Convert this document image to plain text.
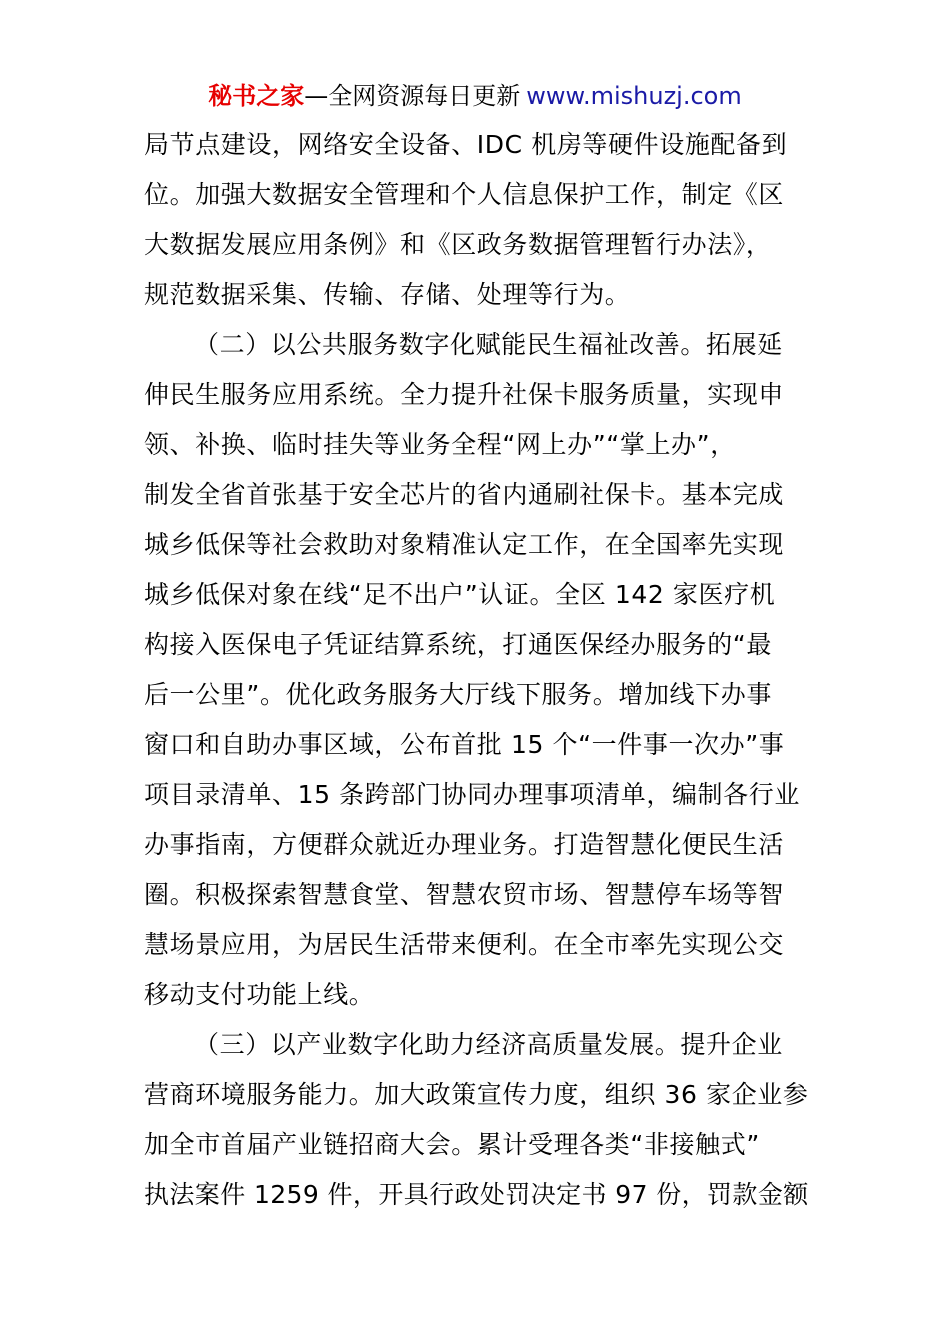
秘书之家—全网资源每日更新 www.mishuzj.com
局节点建设，网络安全设备、IDC 机房等硬件设施配备到
位。加强大数据安全管理和个人信息保护工作，制定《区
大数据发展应用条例》和《区政务数据管理暂行办法》，
规范数据采集、传输、存储、处理等行为。
（二）以公共服务数字化赋能民生福祉改善。拓展延
伸民生服务应用系统。全力提升社保卡服务质量，实现申
领、补换、临时挂失等业务全程“网上办”“掌上办”，
制发全省首张基于安全芯片的省内通刷社保卡。基本完成
城乡低保等社会救助对象精准认定工作，在全国率先实现
城乡低保对象在线“足不出户”认证。全区 142 家医疗机
构接入医保电子凭证结算系统，打通医保经办服务的“最
后一公里”。优化政务服务大厅线下服务。增加线下办事
窗口和自助办事区域，公布首批 15 个“一件事一次办”事
项目录清单、15 条跨部门协同办理事项清单，编制各行业
办事指南，方便群众就近办理业务。打造智慧化便民生活
圈。积极探索智慧食堂、智慧农贸市场、智慧停车场等智
慧场景应用，为居民生活带来便利。在全市率先实现公交
移动支付功能上线。
（三）以产业数字化助力经济高质量发展。提升企业
营商环境服务能力。加大政策宣传力度，组织 36 家企业参
加全市首届产业链招商大会。累计受理各类“非接触式”
执法案件 1259 件，开具行政处罚决定书 97 份，罚款金额
